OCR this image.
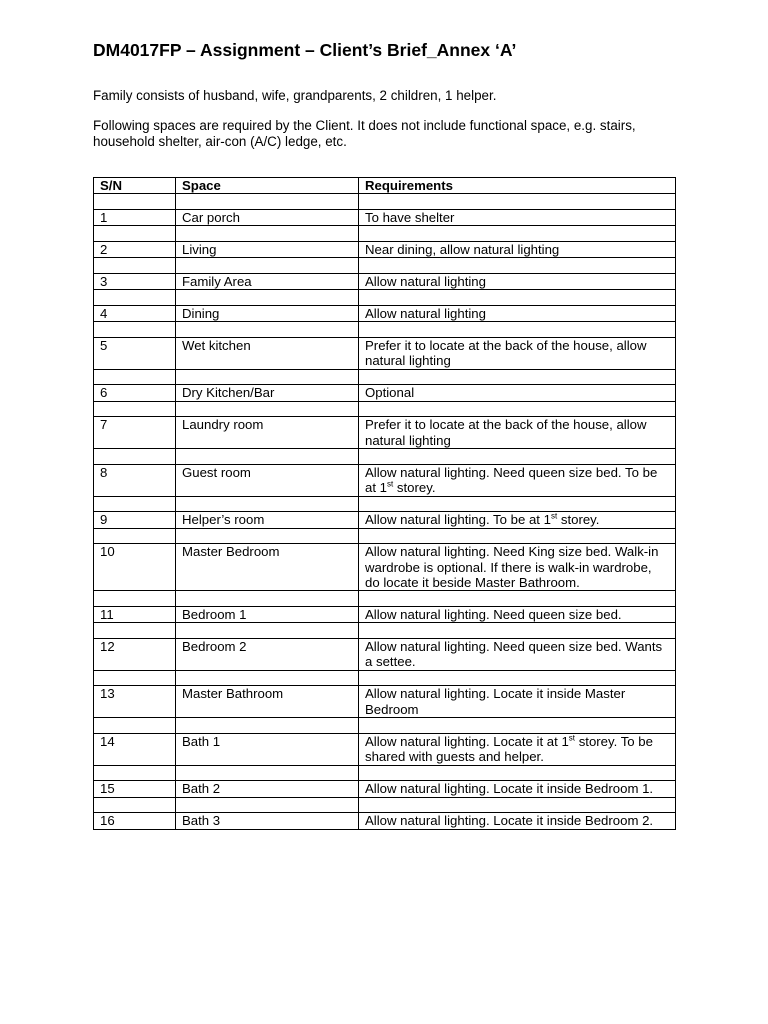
DM4017FP – Assignment – Client’s Brief_Annex ‘A’

Family consists of husband, wife, grandparents, 2 children, 1 helper.

Following spaces are required by the Client. It does not include functional space, e.g. stairs, household shelter, air-con (A/C) ledge, etc.

S/N	Space	Requirements

1	Car porch	To have shelter

2	Living	Near dining, allow natural lighting

3	Family Area	Allow natural lighting

4	Dining	Allow natural lighting

5	Wet kitchen	Prefer it to locate at the back of the house, allow natural lighting

6	Dry Kitchen/Bar	Optional

7	Laundry room	Prefer it to locate at the back of the house, allow natural lighting

8	Guest room	Allow natural lighting. Need queen size bed. To be at 1st storey.

9	Helper’s room	Allow natural lighting. To be at 1st storey.

10	Master Bedroom	Allow natural lighting. Need King size bed. Walk-in wardrobe is optional. If there is walk-in wardrobe, do locate it beside Master Bathroom.

11	Bedroom 1	Allow natural lighting. Need queen size bed.

12	Bedroom 2	Allow natural lighting. Need queen size bed. Wants a settee.

13	Master Bathroom	Allow natural lighting. Locate it inside Master Bedroom

14	Bath 1	Allow natural lighting. Locate it at 1st storey. To be shared with guests and helper.

15	Bath 2	Allow natural lighting. Locate it inside Bedroom 1.

16	Bath 3	Allow natural lighting. Locate it inside Bedroom 2.
